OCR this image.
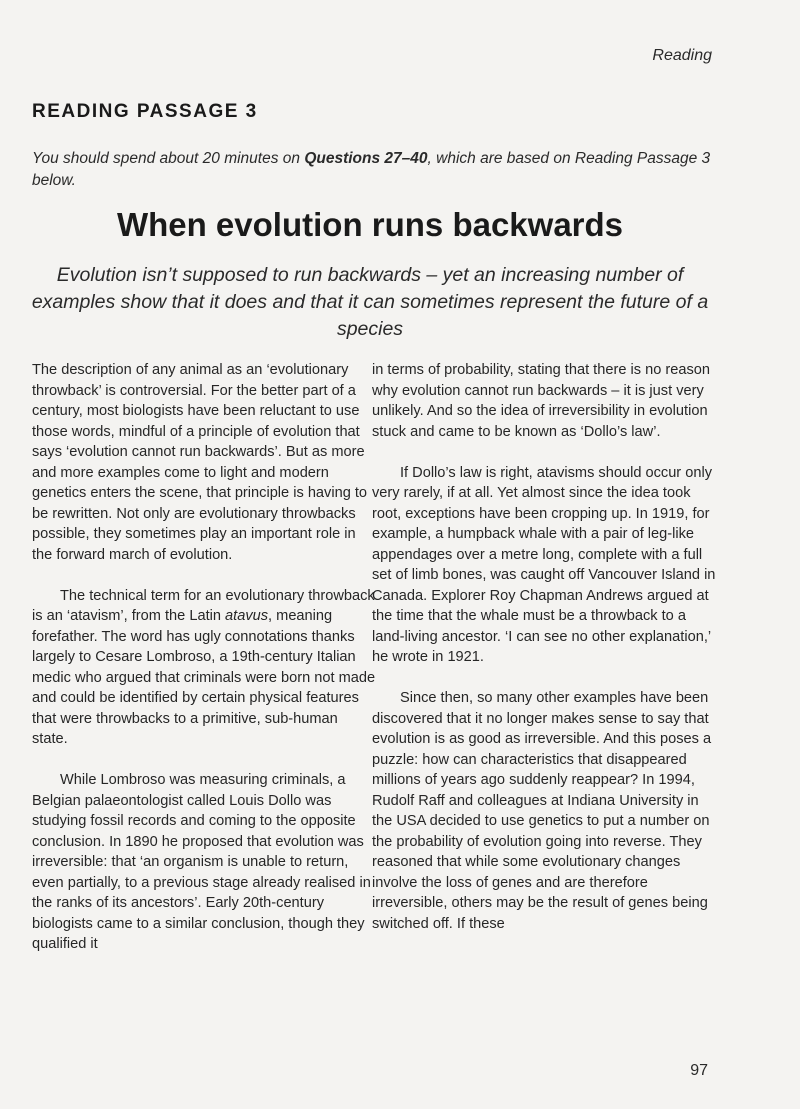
Reading
READING PASSAGE 3
You should spend about 20 minutes on Questions 27–40, which are based on Reading Passage 3 below.
When evolution runs backwards
Evolution isn’t supposed to run backwards – yet an increasing number of examples show that it does and that it can sometimes represent the future of a species

The description of any animal as an ‘evolutionary throwback’ is controversial. For the better part of a century, most biologists have been reluctant to use those words, mindful of a principle of evolution that says ‘evolution cannot run backwards’. But as more and more examples come to light and modern genetics enters the scene, that principle is having to be rewritten. Not only are evolutionary throwbacks possible, they sometimes play an important role in the forward march of evolution.

The technical term for an evolutionary throwback is an ‘atavism’, from the Latin atavus, meaning forefather. The word has ugly connotations thanks largely to Cesare Lombroso, a 19th-century Italian medic who argued that criminals were born not made and could be identified by certain physical features that were throwbacks to a primitive, sub-human state.

While Lombroso was measuring criminals, a Belgian palaeontologist called Louis Dollo was studying fossil records and coming to the opposite conclusion. In 1890 he proposed that evolution was irreversible: that ‘an organism is unable to return, even partially, to a previous stage already realised in the ranks of its ancestors’. Early 20th-century biologists came to a similar conclusion, though they qualified it

in terms of probability, stating that there is no reason why evolution cannot run backwards – it is just very unlikely. And so the idea of irreversibility in evolution stuck and came to be known as ‘Dollo’s law’.

If Dollo’s law is right, atavisms should occur only very rarely, if at all. Yet almost since the idea took root, exceptions have been cropping up. In 1919, for example, a humpback whale with a pair of leg-like appendages over a metre long, complete with a full set of limb bones, was caught off Vancouver Island in Canada. Explorer Roy Chapman Andrews argued at the time that the whale must be a throwback to a land-living ancestor. ‘I can see no other explanation,’ he wrote in 1921.

Since then, so many other examples have been discovered that it no longer makes sense to say that evolution is as good as irreversible. And this poses a puzzle: how can characteristics that disappeared millions of years ago suddenly reappear? In 1994, Rudolf Raff and colleagues at Indiana University in the USA decided to use genetics to put a number on the probability of evolution going into reverse. They reasoned that while some evolutionary changes involve the loss of genes and are therefore irreversible, others may be the result of genes being switched off. If these

97
